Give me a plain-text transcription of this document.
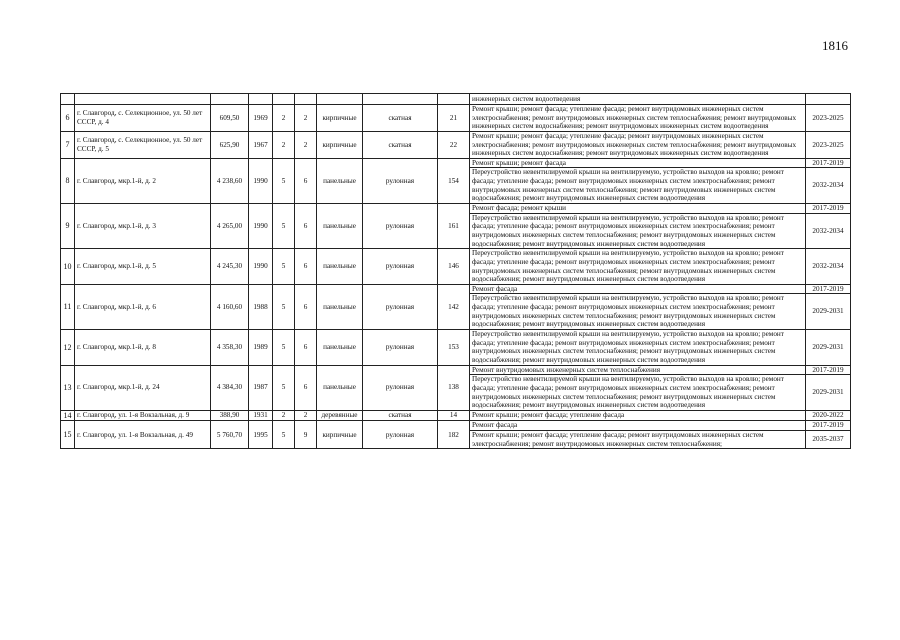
1816
									инженерных систем водоотведения	
6	г. Славгород, с. Селекционное, ул. 50 лет СССР, д. 4	609,50	1969	2	2	кирпичные	скатная	21	Ремонт крыши; ремонт фасада; утепление фасада; ремонт внутридомовых инженерных систем электроснабжения; ремонт внутридомовых инженерных систем теплоснабжения; ремонт внутридомовых инженерных систем водоснабжения; ремонт внутридомовых инженерных систем водоотведения	2023-2025
7	г. Славгород, с. Селекционное, ул. 50 лет СССР, д. 5	625,90	1967	2	2	кирпичные	скатная	22	Ремонт крыши; ремонт фасада; утепление фасада; ремонт внутридомовых инженерных систем электроснабжения; ремонт внутридомовых инженерных систем теплоснабжения; ремонт внутридомовых инженерных систем водоснабжения; ремонт внутридомовых инженерных систем водоотведения	2023-2025
8	г. Славгород, мкр.1-й, д. 2	4 238,60	1990	5	6	панельные	рулонная	154	Ремонт крыши; ремонт фасада	2017-2019
									Переустройство невентилируемой крыши на вентилируемую, устройство выходов на кровлю; ремонт фасада; утепление фасада; ремонт внутридомовых инженерных систем электроснабжения; ремонт внутридомовых инженерных систем теплоснабжения; ремонт внутридомовых инженерных систем водоснабжения; ремонт внутридомовых инженерных систем водоотведения	2032-2034
9	г. Славгород, мкр.1-й, д. 3	4 265,00	1990	5	6	панельные	рулонная	161	Ремонт фасада; ремонт крыши	2017-2019
									Переустройство невентилируемой крыши на вентилируемую, устройство выходов на кровлю; ремонт фасада; утепление фасада; ремонт внутридомовых инженерных систем электроснабжения; ремонт внутридомовых инженерных систем теплоснабжения; ремонт внутридомовых инженерных систем водоснабжения; ремонт внутридомовых инженерных систем водоотведения	2032-2034
10	г. Славгород, мкр.1-й, д. 5	4 245,30	1990	5	6	панельные	рулонная	146	Переустройство невентилируемой крыши на вентилируемую, устройство выходов на кровлю; ремонт фасада; утепление фасада; ремонт внутридомовых инженерных систем электроснабжения; ремонт внутридомовых инженерных систем теплоснабжения; ремонт внутридомовых инженерных систем водоснабжения; ремонт внутридомовых инженерных систем водоотведения	2032-2034
11	г. Славгород, мкр.1-й, д. 6	4 160,60	1988	5	6	панельные	рулонная	142	Ремонт фасада	2017-2019
									Переустройство невентилируемой крыши на вентилируемую, устройство выходов на кровлю; ремонт фасада; утепление фасада; ремонт внутридомовых инженерных систем электроснабжения; ремонт внутридомовых инженерных систем теплоснабжения; ремонт внутридомовых инженерных систем водоснабжения; ремонт внутридомовых инженерных систем водоотведения	2029-2031
12	г. Славгород, мкр.1-й, д. 8	4 358,30	1989	5	6	панельные	рулонная	153	Переустройство невентилируемой крыши на вентилируемую, устройство выходов на кровлю; ремонт фасада; утепление фасада; ремонт внутридомовых инженерных систем электроснабжения; ремонт внутридомовых инженерных систем теплоснабжения; ремонт внутридомовых инженерных систем водоснабжения; ремонт внутридомовых инженерных систем водоотведения	2029-2031
13	г. Славгород, мкр.1-й, д. 24	4 384,30	1987	5	6	панельные	рулонная	138	Ремонт внутридомовых инженерных систем теплоснабжения	2017-2019
									Переустройство невентилируемой крыши на вентилируемую, устройство выходов на кровлю; ремонт фасада; утепление фасада; ремонт внутридомовых инженерных систем электроснабжения; ремонт внутридомовых инженерных систем теплоснабжения; ремонт внутридомовых инженерных систем водоснабжения; ремонт внутридомовых инженерных систем водоотведения	2029-2031
14	г. Славгород, ул. 1-я Вокзальная, д. 9	388,90	1931	2	2	деревянные	скатная	14	Ремонт крыши; ремонт фасада; утепление фасада	2020-2022
15	г. Славгород, ул. 1-я Вокзальная, д. 49	5 760,70	1995	5	9	кирпичные	рулонная	182	Ремонт фасада	2017-2019
									Ремонт крыши; ремонт фасада; утепление фасада; ремонт внутридомовых инженерных систем электроснабжения; ремонт внутридомовых инженерных систем теплоснабжения;	2035-2037
